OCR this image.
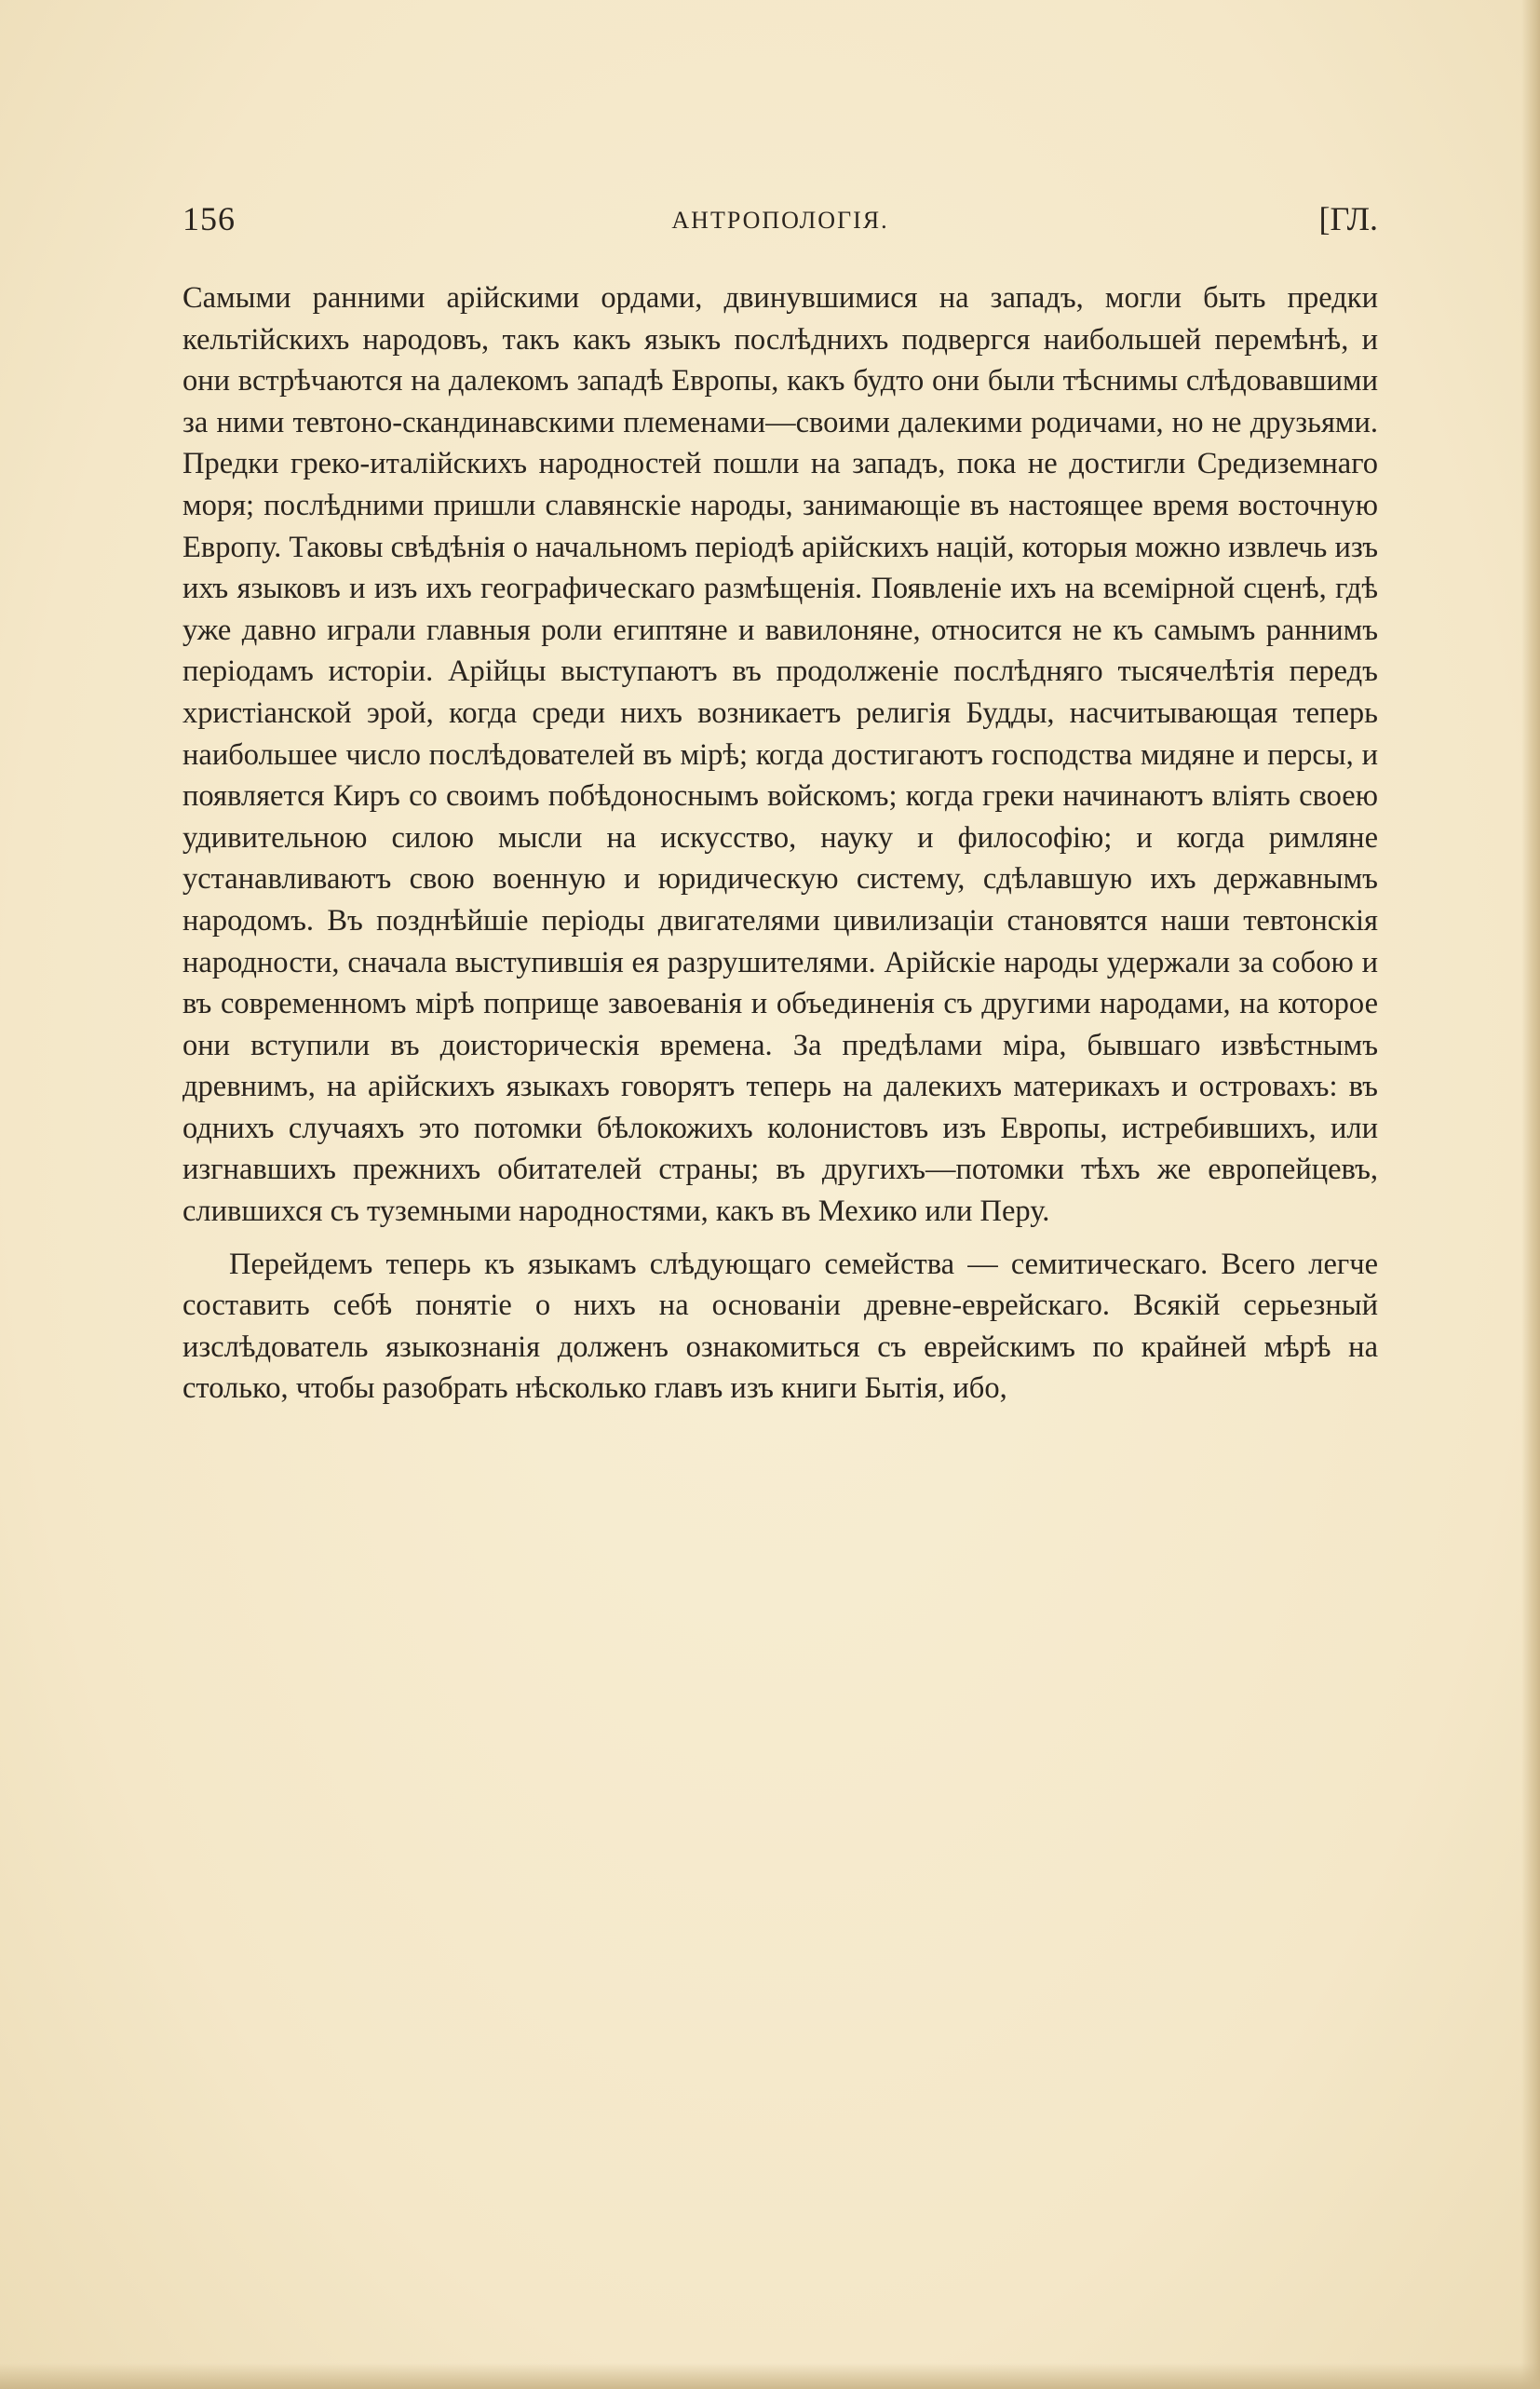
156	АНТРОПОЛОГІЯ.	[ГЛ.

Самыми ранними арійскими ордами, двинувшимися на западъ, могли быть предки кельтійскихъ народовъ, такъ какъ языкъ послѣднихъ подвергся наибольшей перемѣнѣ, и они встрѣчаются на далекомъ западѣ Европы, какъ будто они были тѣснимы слѣдовавшими за ними тевтоно-скандинавскими племенами—своими далекими родичами, но не друзьями. Предки греко-италійскихъ народностей пошли на западъ, пока не достигли Средиземнаго моря; послѣдними пришли славянскіе народы, занимающіе въ настоящее время восточную Европу. Таковы свѣдѣнія о начальномъ періодѣ арійскихъ націй, которыя можно извлечь изъ ихъ языковъ и изъ ихъ географическаго размѣщенія. Появленіе ихъ на всемірной сценѣ, гдѣ уже давно играли главныя роли египтяне и вавилоняне, относится не къ самымъ раннимъ періодамъ исторіи. Арійцы выступаютъ въ продолженіе послѣдняго тысячелѣтія передъ христіанской эрой, когда среди нихъ возникаетъ религія Будды, насчитывающая теперь наибольшее число послѣдователей въ мірѣ; когда достигаютъ господства мидяне и персы, и появляется Киръ со своимъ побѣдоноснымъ войскомъ; когда греки начинаютъ вліять своею удивительною силою мысли на искусство, науку и философію; и когда римляне устанавливаютъ свою военную и юридическую систему, сдѣлавшую ихъ державнымъ народомъ. Въ позднѣйшіе періоды двигателями цивилизаціи становятся наши тевтонскія народности, сначала выступившія ея разрушителями. Арійскіе народы удержали за собою и въ современномъ мірѣ поприще завоеванія и объединенія съ другими народами, на которое они вступили въ доисторическія времена. За предѣлами міра, бывшаго извѣстнымъ древнимъ, на арійскихъ языкахъ говорятъ теперь на далекихъ материкахъ и островахъ: въ однихъ случаяхъ это потомки бѣлокожихъ колонистовъ изъ Европы, истребившихъ, или изгнавшихъ прежнихъ обитателей страны; въ другихъ—потомки тѣхъ же европейцевъ, слившихся съ туземными народностями, какъ въ Мехико или Перу.

Перейдемъ теперь къ языкамъ слѣдующаго семейства — семитическаго. Всего легче составить себѣ понятіе о нихъ на основаніи древне-еврейскаго. Всякій серьезный изслѣдователь языкознанія долженъ ознакомиться съ еврейскимъ по крайней мѣрѣ на столько, чтобы разобрать нѣсколько главъ изъ книги Бытія, ибо,
